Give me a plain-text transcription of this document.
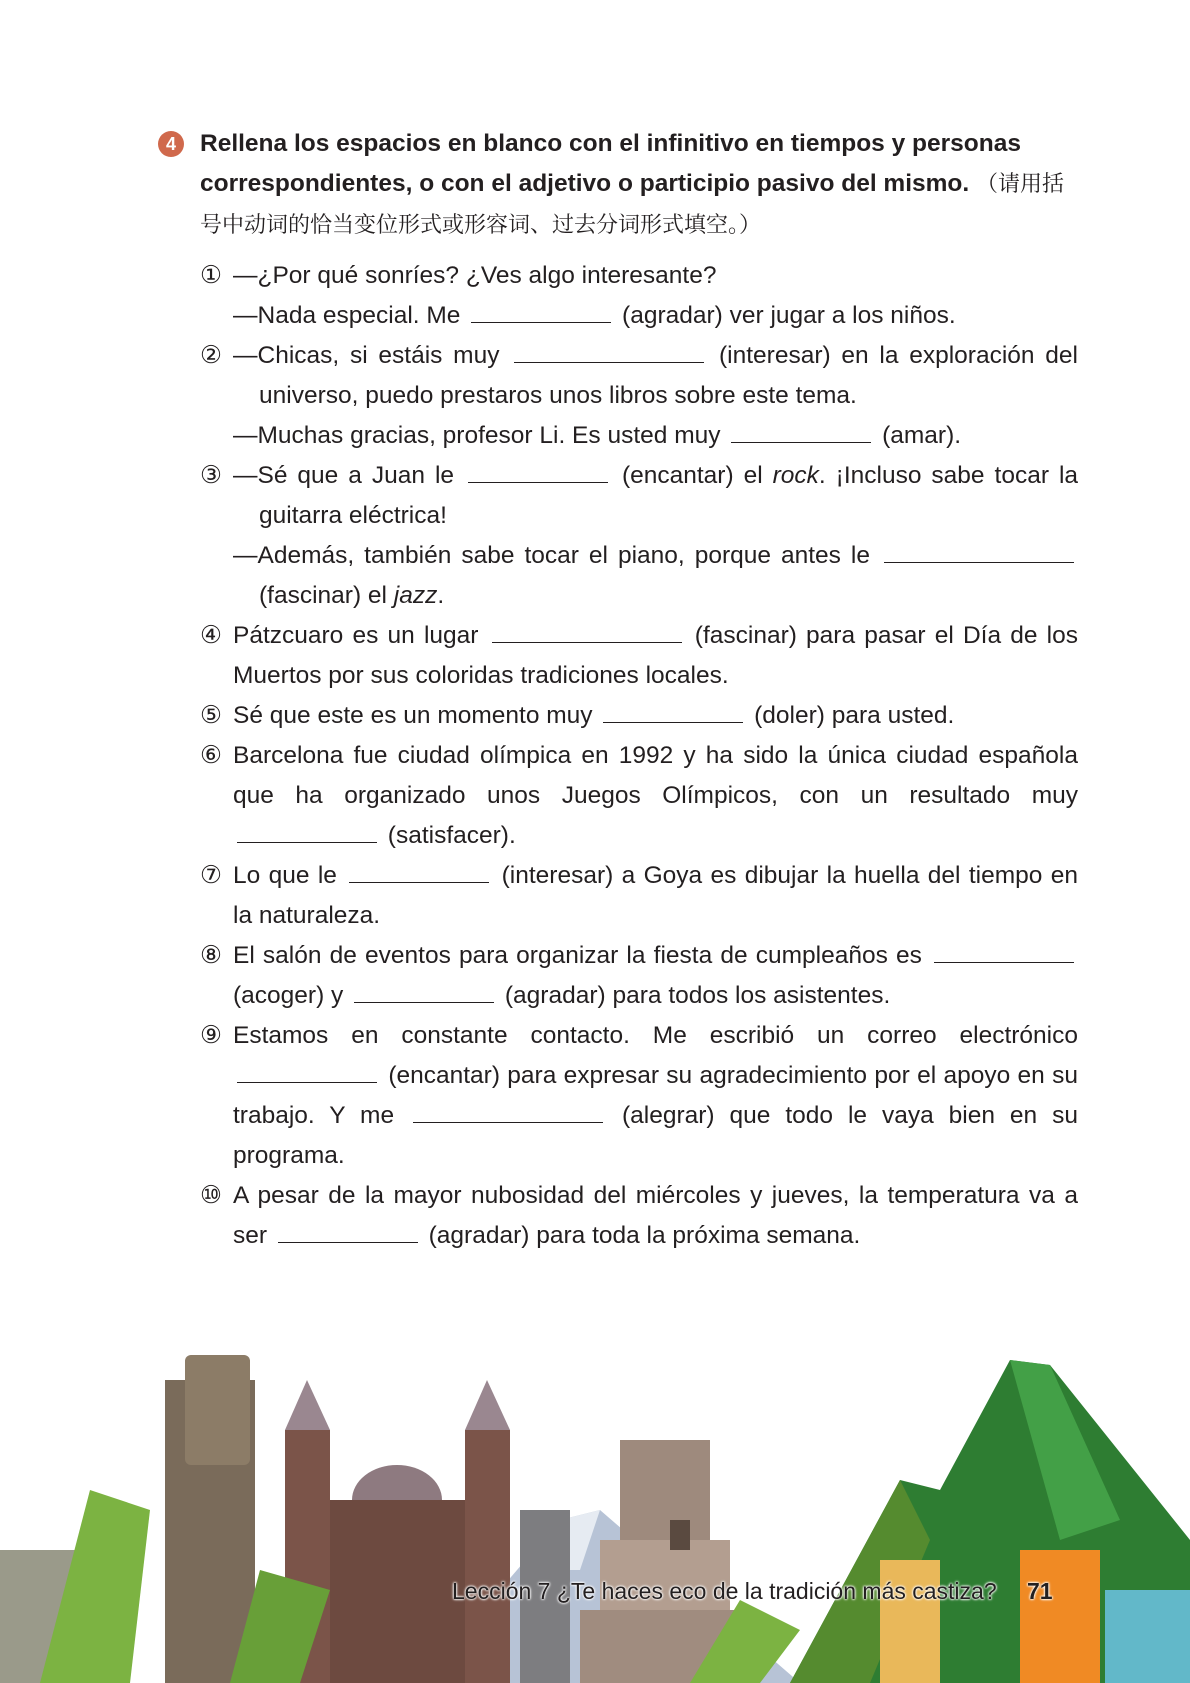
4 Rellena los espacios en blanco con el infinitivo en tiempos y personas correspondientes, o con el adjetivo o participio pasivo del mismo. （请用括号中动词的恰当变位形式或形容词、过去分词形式填空。）
① —¿Por qué sonríes? ¿Ves algo interesante?
—Nada especial. Me	(agradar) ver jugar a los niños.
② —Chicas, si estáis muy	(interesar) en la exploración del universo, puedo prestaros unos libros sobre este tema.
—Muchas gracias, profesor Li. Es usted muy	(amar).
③ —Sé que a Juan le	(encantar) el rock. ¡Incluso sabe tocar la guitarra eléctrica!
—Además, también sabe tocar el piano, porque antes le  (fascinar) el jazz.
④ Pátzcuaro es un lugar	(fascinar) para pasar el Día de los Muertos por sus coloridas tradiciones locales.
⑤ Sé que este es un momento muy	(doler) para usted.
⑥ Barcelona fue ciudad olímpica en 1992 y ha sido la única ciudad española que ha organizado unos Juegos Olímpicos, con un resultado muy  (satisfacer).
⑦ Lo que le	(interesar) a Goya es dibujar la huella del tiempo en la naturaleza.
⑧ El salón de eventos para organizar la fiesta de cumpleaños es  (acoger) y	(agradar) para todos los asistentes.
⑨ Estamos en constante contacto. Me escribió un correo electrónico  (encantar) para expresar su agradecimiento por el apoyo en su trabajo. Y me	(alegrar) que todo le vaya bien en su programa.
⑩ A pesar de la mayor nubosidad del miércoles y jueves, la temperatura va a ser	(agradar) para toda la próxima semana.
Lección 7 ¿Te haces eco de la tradición más castiza? 71
